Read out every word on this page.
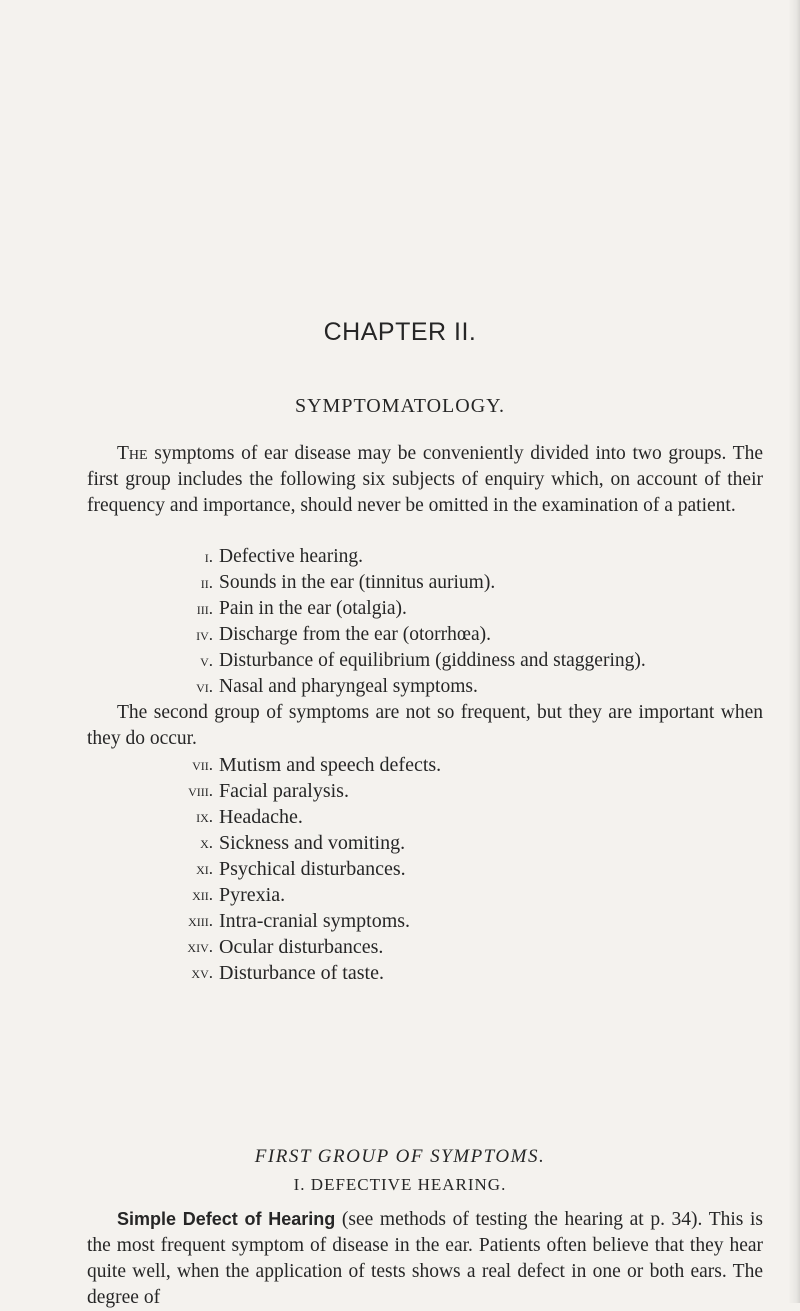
CHAPTER II.
SYMPTOMATOLOGY.

The symptoms of ear disease may be conveniently divided into two groups. The first group includes the following six subjects of enquiry which, on account of their frequency and importance, should never be omitted in the examination of a patient.

i. Defective hearing.
ii. Sounds in the ear (tinnitus aurium).
iii. Pain in the ear (otalgia).
iv. Discharge from the ear (otorrhœa).
v. Disturbance of equilibrium (giddiness and staggering).
vi. Nasal and pharyngeal symptoms.

The second group of symptoms are not so frequent, but they are important when they do occur.

vii. Mutism and speech defects.
viii. Facial paralysis.
ix. Headache.
x. Sickness and vomiting.
xi. Psychical disturbances.
xii. Pyrexia.
xiii. Intra-cranial symptoms.
xiv. Ocular disturbances.
xv. Disturbance of taste.
FIRST GROUP OF SYMPTOMS.
I. DEFECTIVE HEARING.

Simple Defect of Hearing (see methods of testing the hearing at p. 34). This is the most frequent symptom of disease in the ear. Patients often believe that they hear quite well, when the application of tests shows a real defect in one or both ears. The degree of
